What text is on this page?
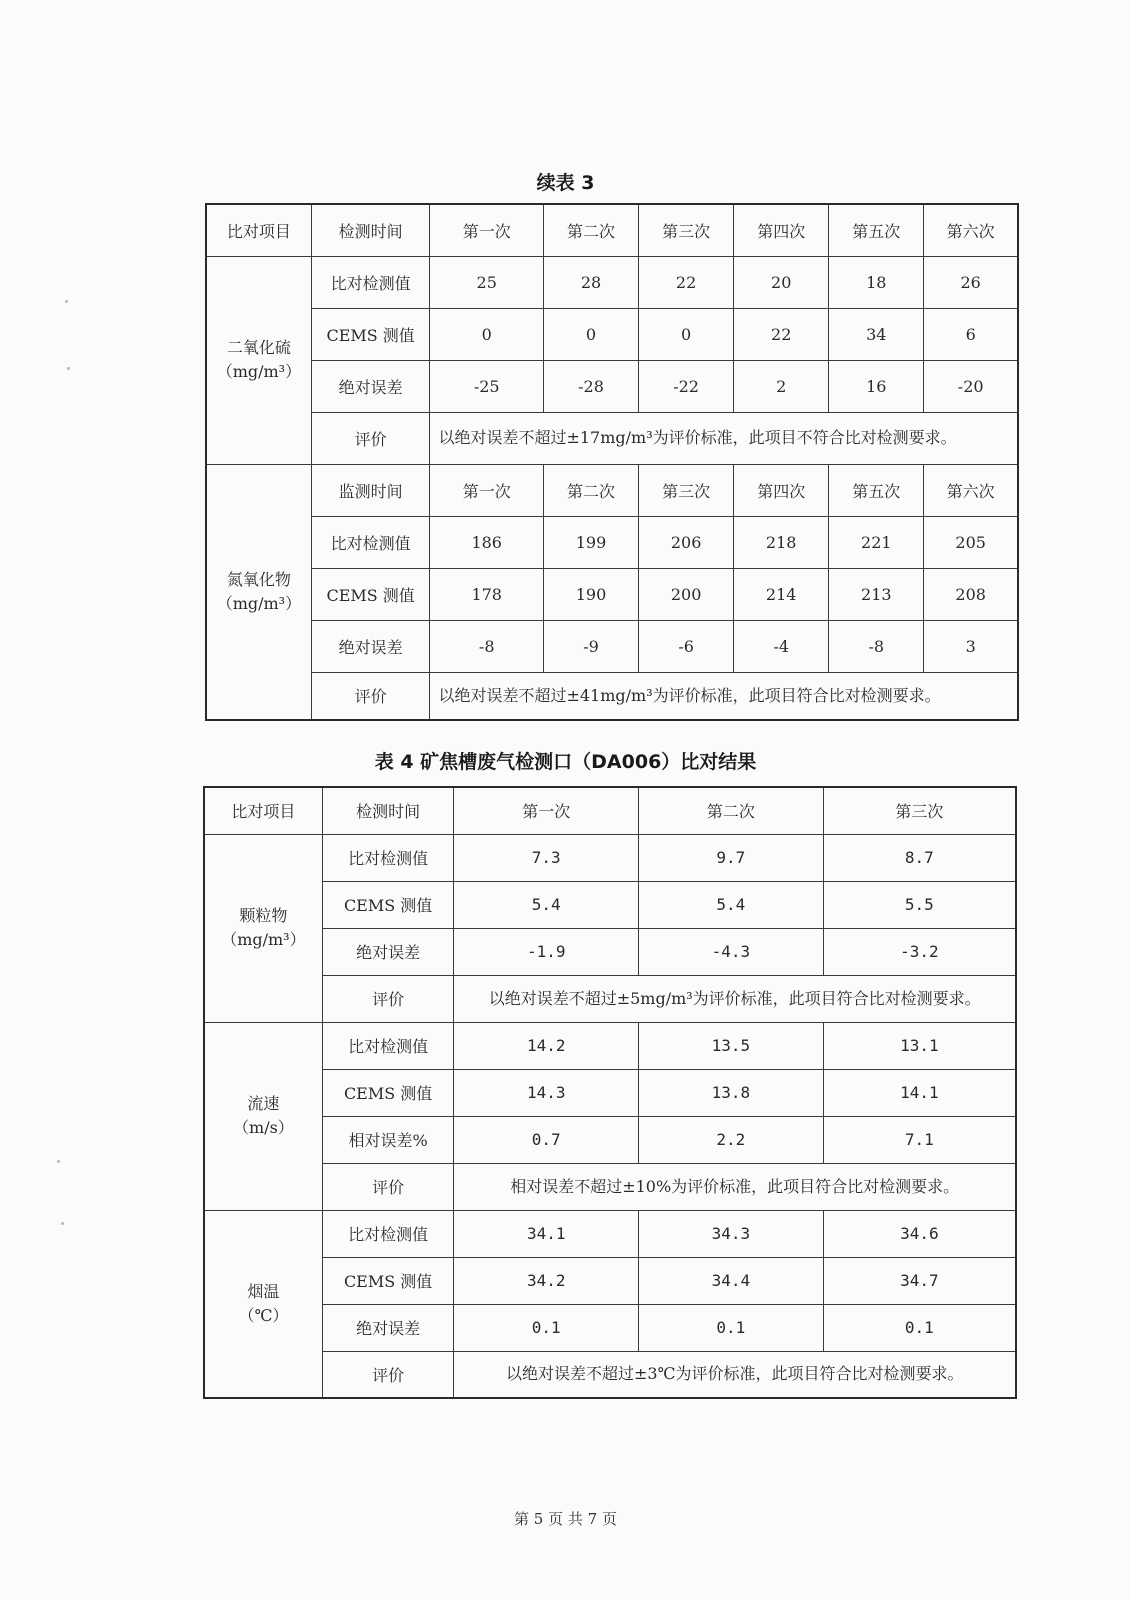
续表 3
比对项目	检测时间	第一次	第二次	第三次	第四次	第五次	第六次

二氧化硫
（mg/m³）	比对检测值	25	28	22	20	18	26
	CEMS 测值	0	0	0	22	34	6
	绝对误差	-25	-28	-22	2	16	-20
	评价	以绝对误差不超过±17mg/m³为评价标准，此项目不符合比对检测要求。					

氮氧化物
（mg/m³）	监测时间	第一次	第二次	第三次	第四次	第五次	第六次
	比对检测值	186	199	206	218	221	205
	CEMS 测值	178	190	200	214	213	208
	绝对误差	-8	-9	-6	-4	-8	3
	评价	以绝对误差不超过±41mg/m³为评价标准，此项目符合比对检测要求。					
表 4 矿焦槽废气检测口（DA006）比对结果
比对项目	检测时间	第一次	第二次	第三次

颗粒物
（mg/m³）	比对检测值	7.3	9.7	8.7
	CEMS 测值	5.4	5.4	5.5
	绝对误差	-1.9	-4.3	-3.2
	评价	以绝对误差不超过±5mg/m³为评价标准，此项目符合比对检测要求。		

流速
（m/s）	比对检测值	14.2	13.5	13.1
	CEMS 测值	14.3	13.8	14.1
	相对误差%	0.7	2.2	7.1
	评价	相对误差不超过±10%为评价标准，此项目符合比对检测要求。		

烟温
（℃）	比对检测值	34.1	34.3	34.6
	CEMS 测值	34.2	34.4	34.7
	绝对误差	0.1	0.1	0.1
	评价	以绝对误差不超过±3℃为评价标准，此项目符合比对检测要求。		

第 5 页 共 7 页
